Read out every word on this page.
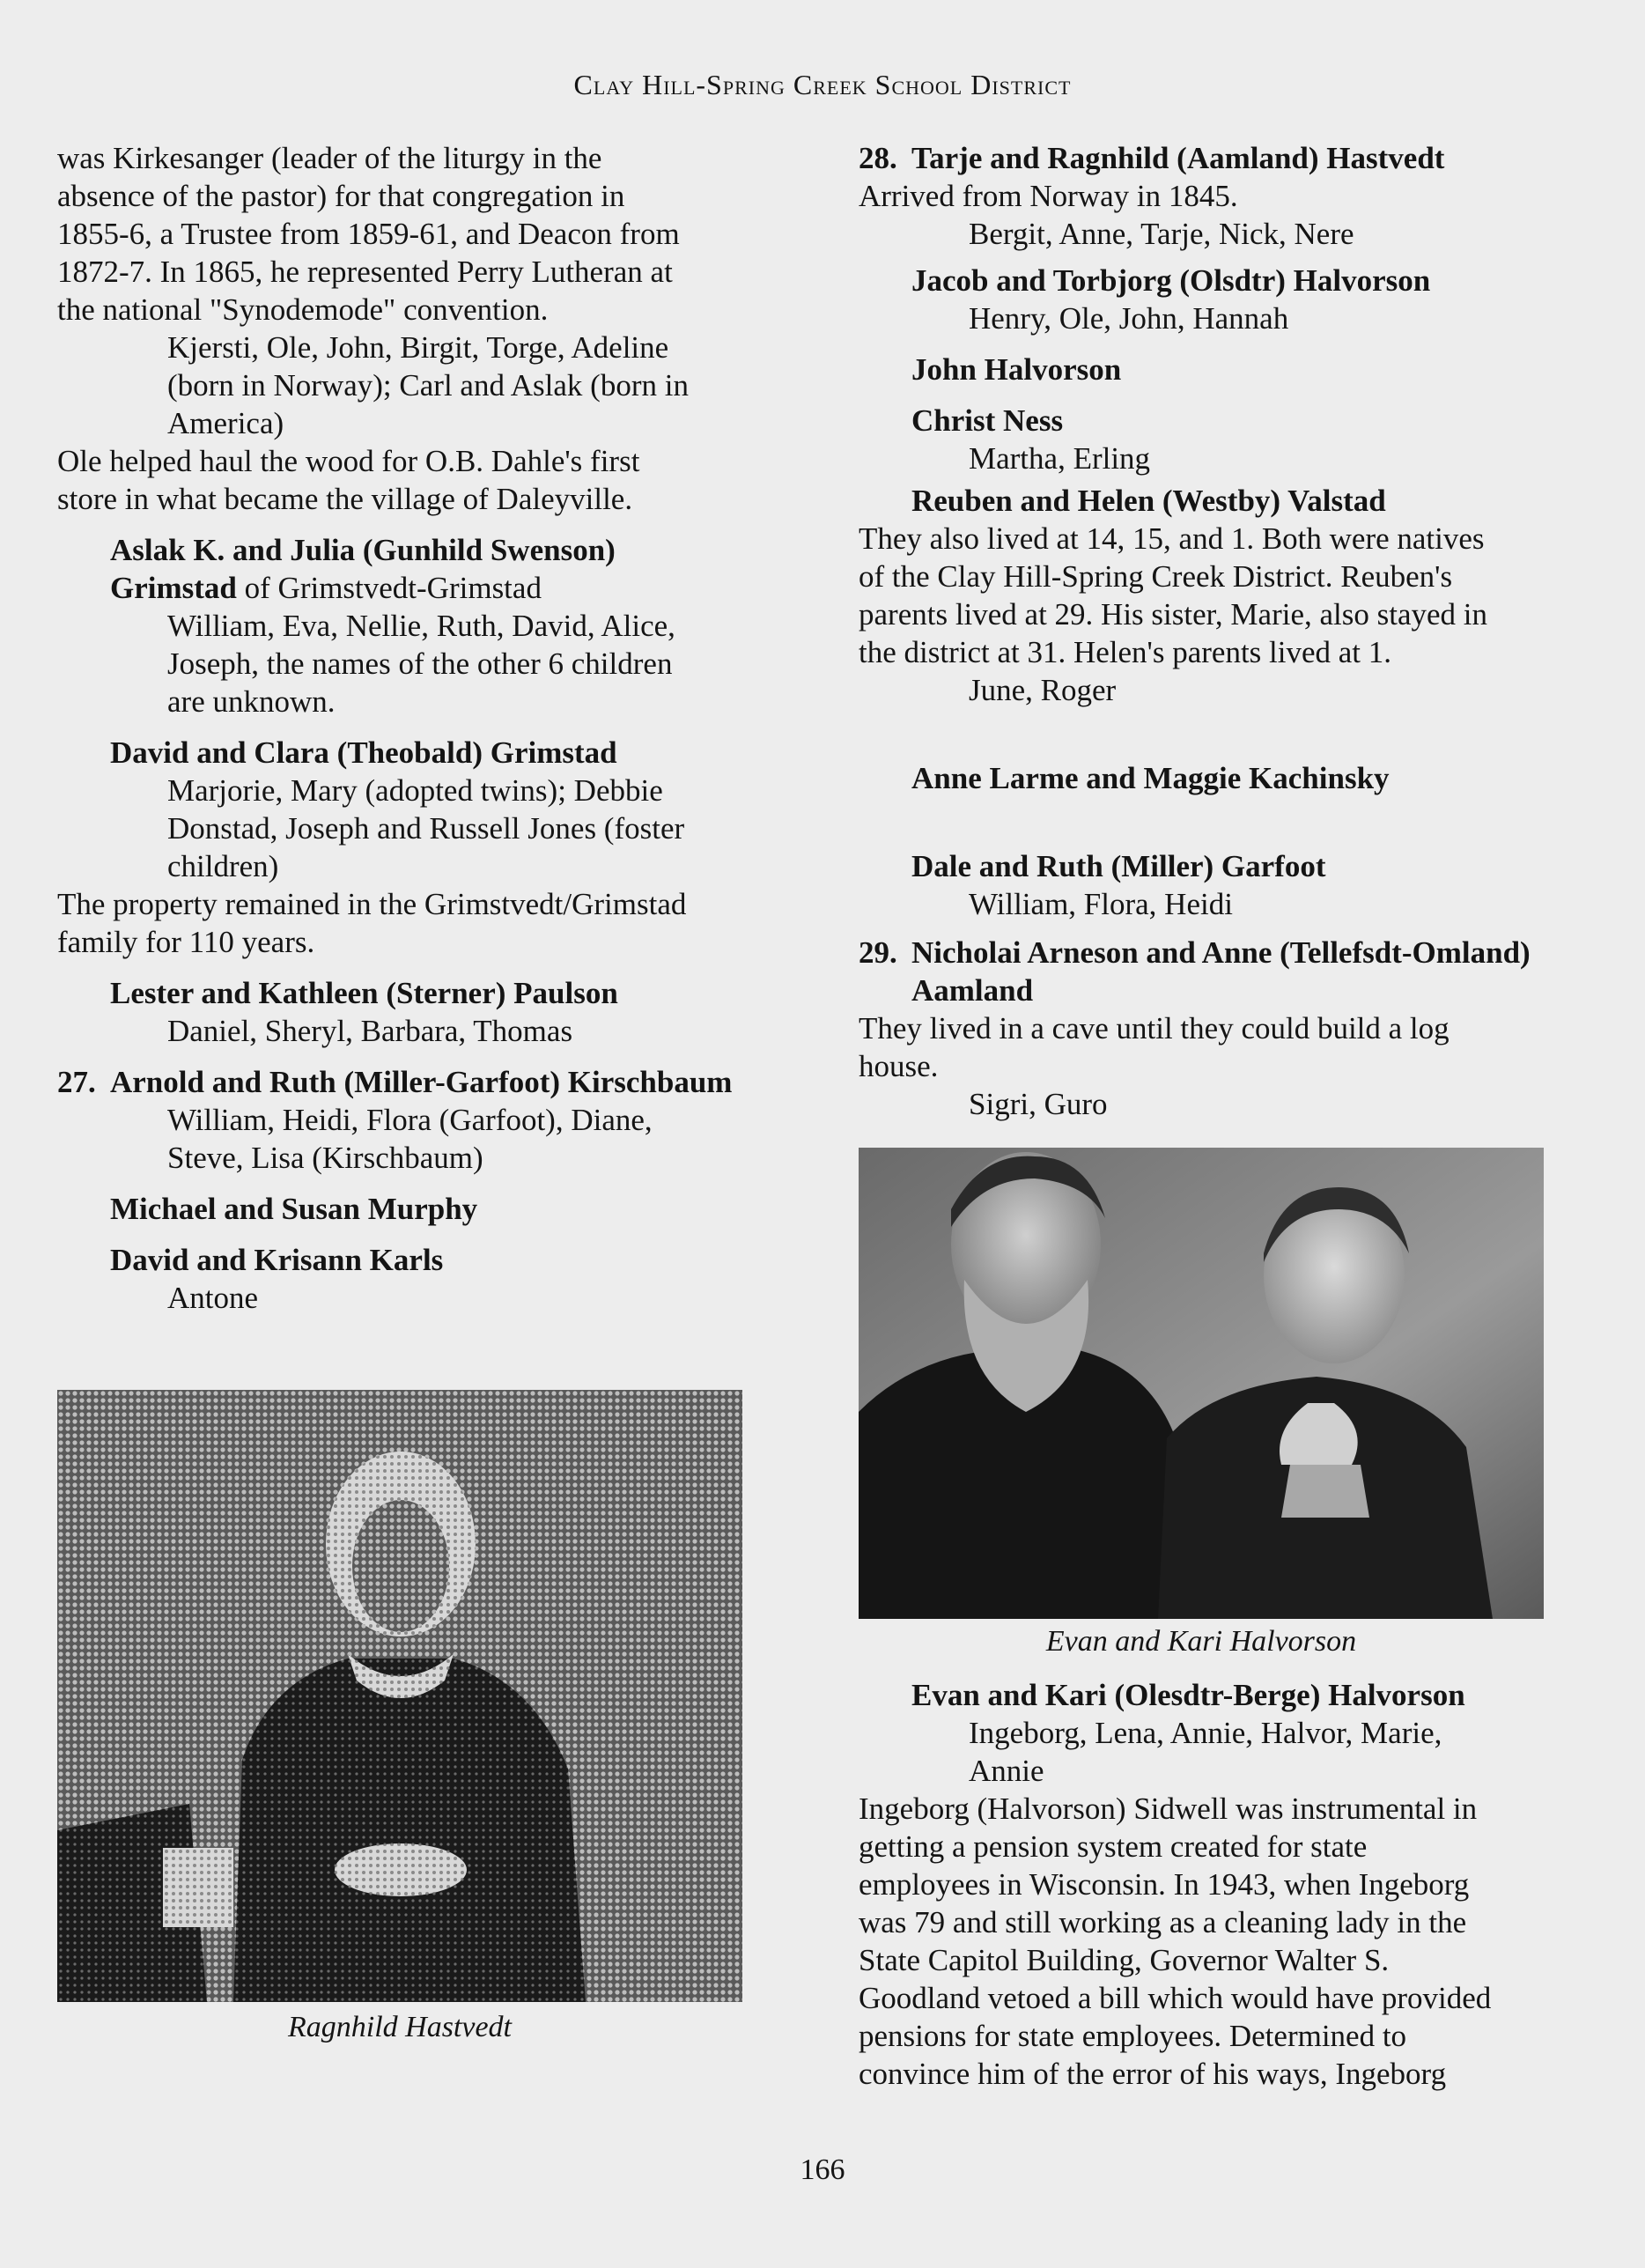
Clay Hill-Spring Creek School District

was Kirkesanger (leader of the liturgy in the

absence of the pastor) for that congregation in

1855-6, a Trustee from 1859-61, and Deacon from

1872-7. In 1865, he represented Perry Lutheran at

the national "Synodemode" convention.

Kjersti, Ole, John, Birgit, Torge, Adeline

(born in Norway); Carl and Aslak (born in

America)

Ole helped haul the wood for O.B. Dahle's first

store in what became the village of Daleyville.

Aslak K. and Julia (Gunhild Swenson)

Grimstad of Grimstvedt-Grimstad

William, Eva, Nellie, Ruth, David, Alice,

Joseph, the names of the other 6 children

are unknown.

David and Clara (Theobald) Grimstad

Marjorie, Mary (adopted twins); Debbie

Donstad, Joseph and Russell Jones (foster

children)

The property remained in the Grimstvedt/Grimstad

family for 110 years.

Lester and Kathleen (Sterner) Paulson

Daniel, Sheryl, Barbara, Thomas

27. Arnold and Ruth (Miller-Garfoot) Kirschbaum

William, Heidi, Flora (Garfoot), Diane,

Steve, Lisa (Kirschbaum)

Michael and Susan Murphy

David and Krisann Karls

Antone

Ragnhild Hastvedt

28. Tarje and Ragnhild (Aamland) Hastvedt

Arrived from Norway in 1845.

Bergit, Anne, Tarje, Nick, Nere

Jacob and Torbjorg (Olsdtr) Halvorson

Henry, Ole, John, Hannah

John Halvorson

Christ Ness

Martha, Erling

Reuben and Helen (Westby) Valstad

They also lived at 14, 15, and 1. Both were natives

of the Clay Hill-Spring Creek District. Reuben's

parents lived at 29. His sister, Marie, also stayed in

the district at 31. Helen's parents lived at 1.

June, Roger

Anne Larme and Maggie Kachinsky

Dale and Ruth (Miller) Garfoot

William, Flora, Heidi

29. Nicholai Arneson and Anne (Tellefsdt-Omland)

Aamland

They lived in a cave until they could build a log

house.

Sigri, Guro

Evan and Kari Halvorson

Evan and Kari (Olesdtr-Berge) Halvorson

Ingeborg, Lena, Annie, Halvor, Marie,

Annie

Ingeborg (Halvorson) Sidwell was instrumental in

getting a pension system created for state

employees in Wisconsin. In 1943, when Ingeborg

was 79 and still working as a cleaning lady in the

State Capitol Building, Governor Walter S.

Goodland vetoed a bill which would have provided

pensions for state employees. Determined to

convince him of the error of his ways, Ingeborg

166
